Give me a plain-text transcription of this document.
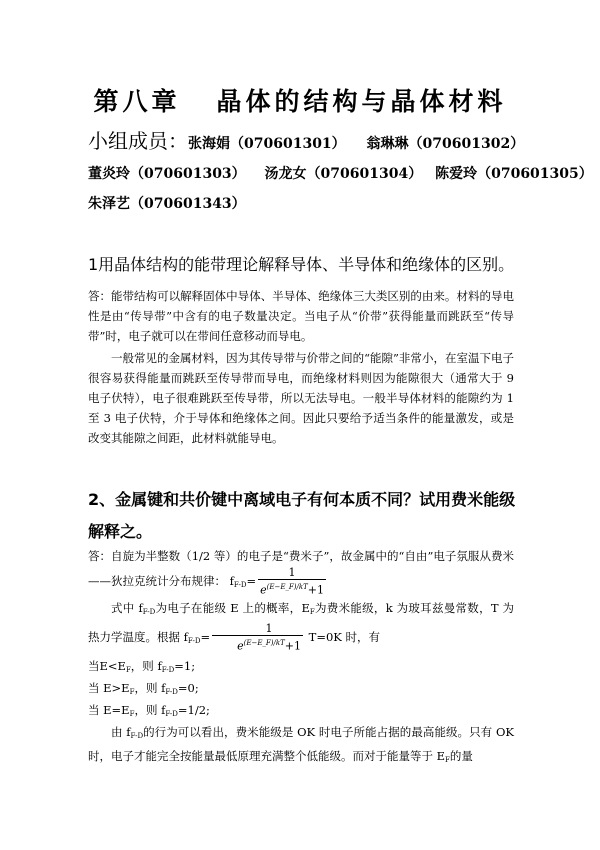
第八章 晶体的结构与晶体材料
小组成员：张海娟（070601301） 翁琳琳（070601302）
董炎玲（070601303） 汤龙女（070601304） 陈爱玲（070601305）
朱泽艺（070601343）
1用晶体结构的能带理论解释导体、半导体和绝缘体的区别。
答：能带结构可以解释固体中导体、半导体、绝缘体三大类区别的由来。材料的导电性是由“传导带”中含有的电子数量决定。当电子从“价带”获得能量而跳跃至“传导带”时，电子就可以在带间任意移动而导电。
一般常见的金属材料，因为其传导带与价带之间的“能隙”非常小，在室温下电子很容易获得能量而跳跃至传导带而导电，而绝缘材料则因为能隙很大（通常大于 9 电子伏特），电子很难跳跃至传导带，所以无法导电。一般半导体材料的能隙约为 1 至 3 电子伏特，介于导体和绝缘体之间。因此只要给予适当条件的能量激发，或是改变其能隙之间距，此材料就能导电。
2、金属键和共价键中离域电子有何本质不同？试用费米能级解释之。
答：自旋为半整数（1/2 等）的电子是“费米子”，故金属中的“自由”电子氛服从费米——狄拉克统计分布规律： $f_{F-D}= \frac{1}{e^{(E-E\_F)/kT}+1}$
式中 $f_{F-D}$为电子在能级 E 上的概率，$E_F$为费米能级，k 为玻耳兹曼常数，T 为热力学温度。根据 $f_{F-D}= \frac{1}{e^{(E-E\_F)/kT}+1} T=0K$ 时，有
当$E<E_F$，则 $f_{F-D}=1$;
当 $E>E_F$，则 $f_{F-D}=0$;
当 $E=E_F$，则 $f_{F-D}=1/2$;
由 $f_{F-D}$的行为可以看出，费米能级是 OK 时电子所能占据的最高能级。只有 OK 时，电子才能完全按能量最低原理充满整个低能级。而对于能量等于 $E_F$的量
